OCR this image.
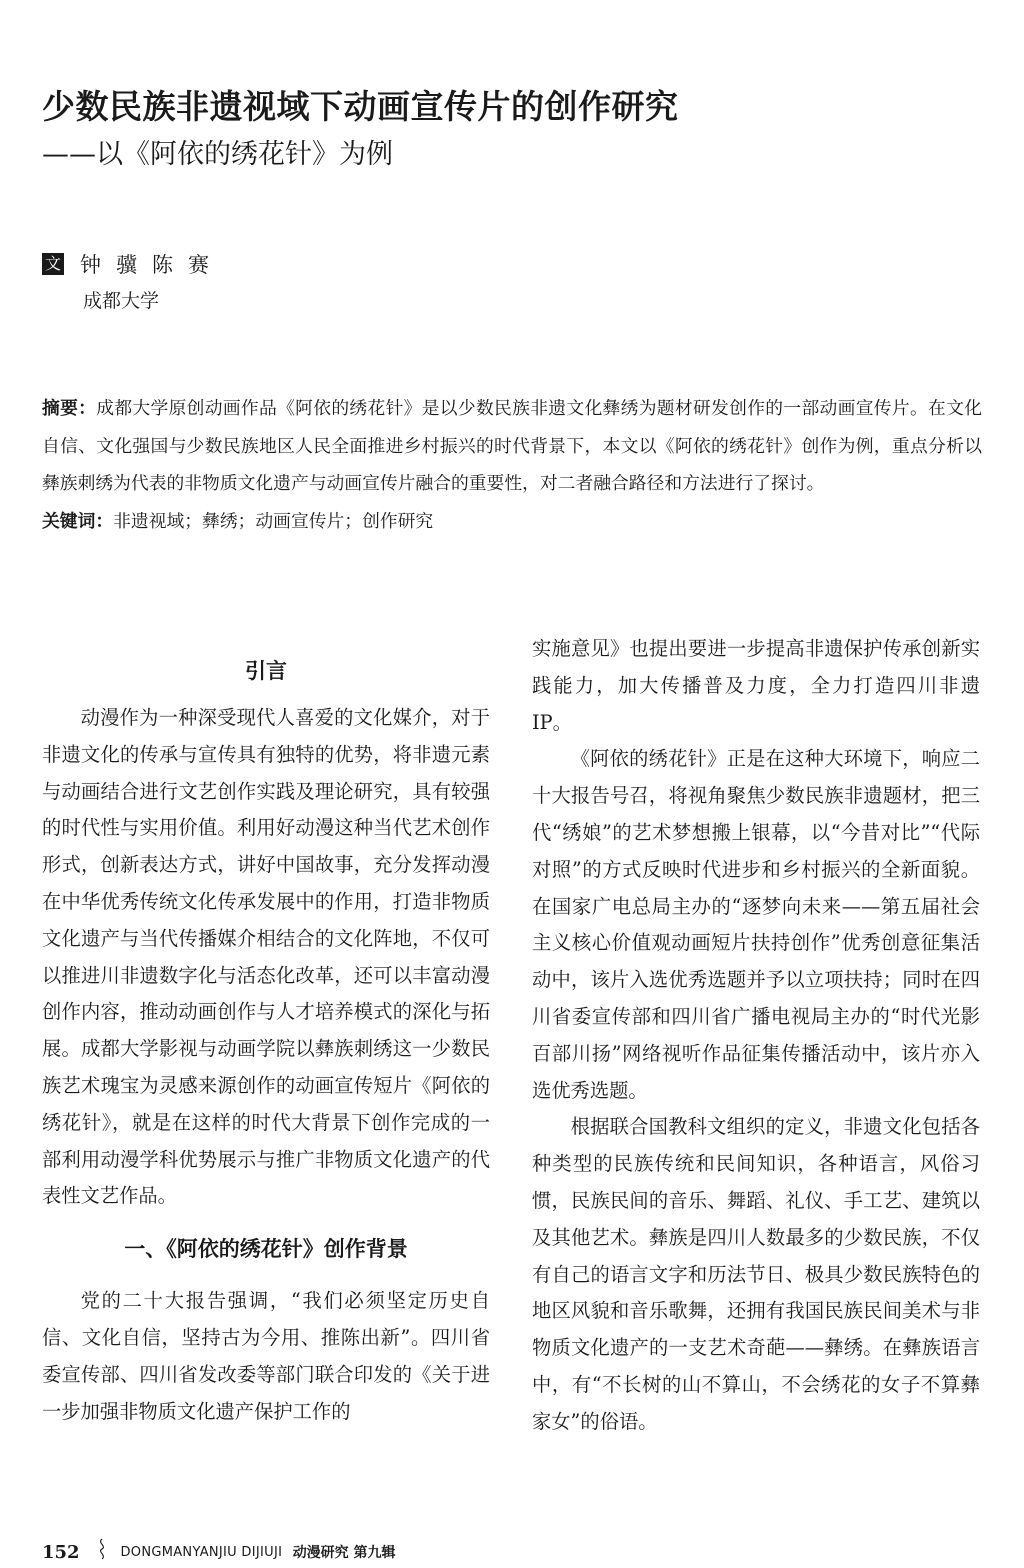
少数民族非遗视域下动画宣传片的创作研究
——以《阿依的绣花针》为例
文 钟骥陈赛
成都大学

摘要：成都大学原创动画作品《阿依的绣花针》是以少数民族非遗文化彝绣为题材研发创作的一部动画宣传片。在文化自信、文化强国与少数民族地区人民全面推进乡村振兴的时代背景下，本文以《阿依的绣花针》创作为例，重点分析以彝族刺绣为代表的非物质文化遗产与动画宣传片融合的重要性，对二者融合路径和方法进行了探讨。

关键词：非遗视域；彝绣；动画宣传片；创作研究

引言

动漫作为一种深受现代人喜爱的文化媒介，对于非遗文化的传承与宣传具有独特的优势，将非遗元素与动画结合进行文艺创作实践及理论研究，具有较强的时代性与实用价值。利用好动漫这种当代艺术创作形式，创新表达方式，讲好中国故事，充分发挥动漫在中华优秀传统文化传承发展中的作用，打造非物质文化遗产与当代传播媒介相结合的文化阵地，不仅可以推进川非遗数字化与活态化改革，还可以丰富动漫创作内容，推动动画创作与人才培养模式的深化与拓展。成都大学影视与动画学院以彝族刺绣这一少数民族艺术瑰宝为灵感来源创作的动画宣传短片《阿依的绣花针》，就是在这样的时代大背景下创作完成的一部利用动漫学科优势展示与推广非物质文化遗产的代表性文艺作品。

一、《阿依的绣花针》创作背景

党的二十大报告强调，“我们必须坚定历史自信、文化自信，坚持古为今用、推陈出新”。四川省委宣传部、四川省发改委等部门联合印发的《关于进一步加强非物质文化遗产保护工作的

实施意见》也提出要进一步提高非遗保护传承创新实践能力，加大传播普及力度，全力打造四川非遗 IP。

《阿依的绣花针》正是在这种大环境下，响应二十大报告号召，将视角聚焦少数民族非遗题材，把三代“绣娘”的艺术梦想搬上银幕，以“今昔对比”“代际对照”的方式反映时代进步和乡村振兴的全新面貌。在国家广电总局主办的“逐梦向未来——第五届社会主义核心价值观动画短片扶持创作”优秀创意征集活动中，该片入选优秀选题并予以立项扶持；同时在四川省委宣传部和四川省广播电视局主办的“时代光影 百部川扬”网络视听作品征集传播活动中，该片亦入选优秀选题。

根据联合国教科文组织的定义，非遗文化包括各种类型的民族传统和民间知识，各种语言，风俗习惯，民族民间的音乐、舞蹈、礼仪、手工艺、建筑以及其他艺术。彝族是四川人数最多的少数民族，不仅有自己的语言文字和历法节日、极具少数民族特色的地区风貌和音乐歌舞，还拥有我国民族民间美术与非物质文化遗产的一支艺术奇葩——彝绣。在彝族语言中，有“不长树的山不算山，不会绣花的女子不算彝家女”的俗语。

152	DONGMANYANJIU DIJIUJI 动漫研究 第九辑
